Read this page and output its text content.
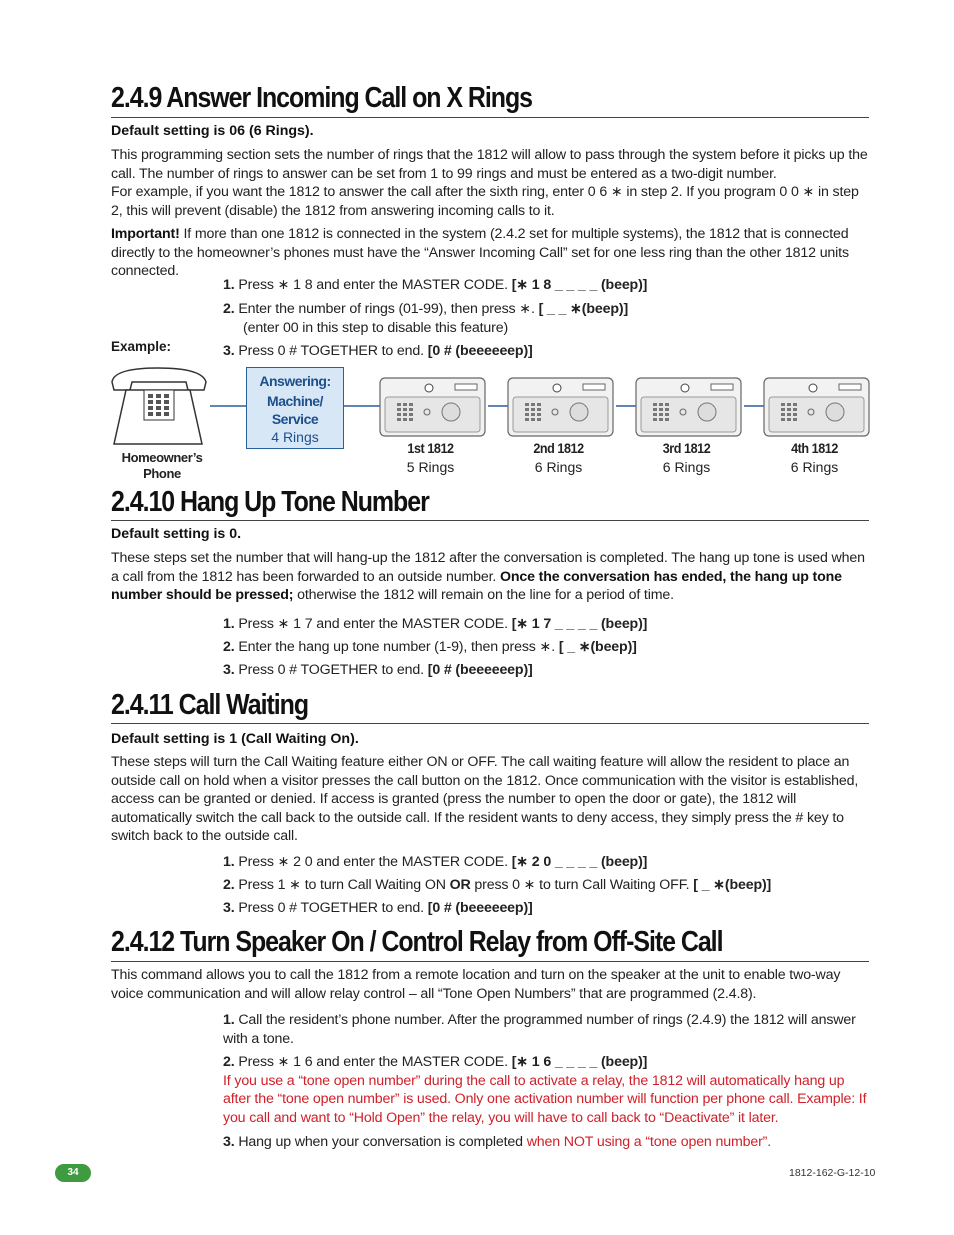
2.4.9 Answer Incoming Call on X Rings

Default setting is 06 (6 Rings).

This programming section sets the number of rings that the 1812 will allow to pass through the system before it picks up the call. The number of rings to answer can be set from 1 to 99 rings and must be entered as a two-digit number.
For example, if you want the 1812 to answer the call after the sixth ring, enter 0 6 ∗ in step 2. If you program 0 0 ∗ in step 2, this will prevent (disable) the 1812 from answering incoming calls to it.

Important! If more than one 1812 is connected in the system (2.4.2 set for multiple systems), the 1812 that is connected directly to the homeowner’s phones must have the “Answer Incoming Call” set for one less ring than the other 1812 units connected.

1. Press ∗ 1 8 and enter the MASTER CODE. [∗ 1 8 _ _ _ _ (beep)]

2. Enter the number of rings (01-99), then press ∗. [ _ _ ∗(beep)]
(enter 00 in this step to disable this feature)

3. Press 0 # TOGETHER to end. [0 # (beeeeeep)]

Example:
Homeowner’s
Phone
Answering:
Machine/
Service
4 Rings
1st 1812
5 Rings
2nd 1812
6 Rings
3rd 1812
6 Rings
4th 1812
6 Rings
2.4.10 Hang Up Tone Number

Default setting is 0.

These steps set the number that will hang-up the 1812 after the conversation is completed. The hang up tone is used when a call from the 1812 has been forwarded to an outside number. Once the conversation has ended, the hang up tone number should be pressed; otherwise the 1812 will remain on the line for a period of time.

1. Press ∗ 1 7 and enter the MASTER CODE. [∗ 1 7 _ _ _ _ (beep)]

2. Enter the hang up tone number (1-9), then press ∗. [ _ ∗(beep)]

3. Press 0 # TOGETHER to end. [0 # (beeeeeep)]

2.4.11 Call Waiting

Default setting is 1 (Call Waiting On).

These steps will turn the Call Waiting feature either ON or OFF. The call waiting feature will allow the resident to place an outside call on hold when a visitor presses the call button on the 1812. Once communication with the visitor is established, access can be granted or denied. If access is granted (press the number to open the door or gate), the 1812 will automatically switch the call back to the outside call. If the resident wants to deny access, they simply press the # key to switch back to the outside call.

1. Press ∗ 2 0 and enter the MASTER CODE. [∗ 2 0 _ _ _ _ (beep)]

2. Press 1 ∗ to turn Call Waiting ON OR press 0 ∗ to turn Call Waiting OFF. [ _ ∗(beep)]

3. Press 0 # TOGETHER to end. [0 # (beeeeeep)]

2.4.12 Turn Speaker On / Control Relay from Off-Site Call

This command allows you to call the 1812 from a remote location and turn on the speaker at the unit to enable two-way voice communication and will allow relay control – all “Tone Open Numbers” that are programmed (2.4.8).

1. Call the resident’s phone number. After the programmed number of rings (2.4.9) the 1812 will answer with a tone.

2. Press ∗ 1 6 and enter the MASTER CODE. [∗ 1 6 _ _ _ _ (beep)]
If you use a “tone open number” during the call to activate a relay, the 1812 will automatically hang up after the “tone open number” is used. Only one activation number will function per phone call. Example: If you call and want to “Hold Open” the relay, you will have to call back to “Deactivate” it later.

3. Hang up when your conversation is completed when NOT using a “tone open number”.

34	1812-162-G-12-10
